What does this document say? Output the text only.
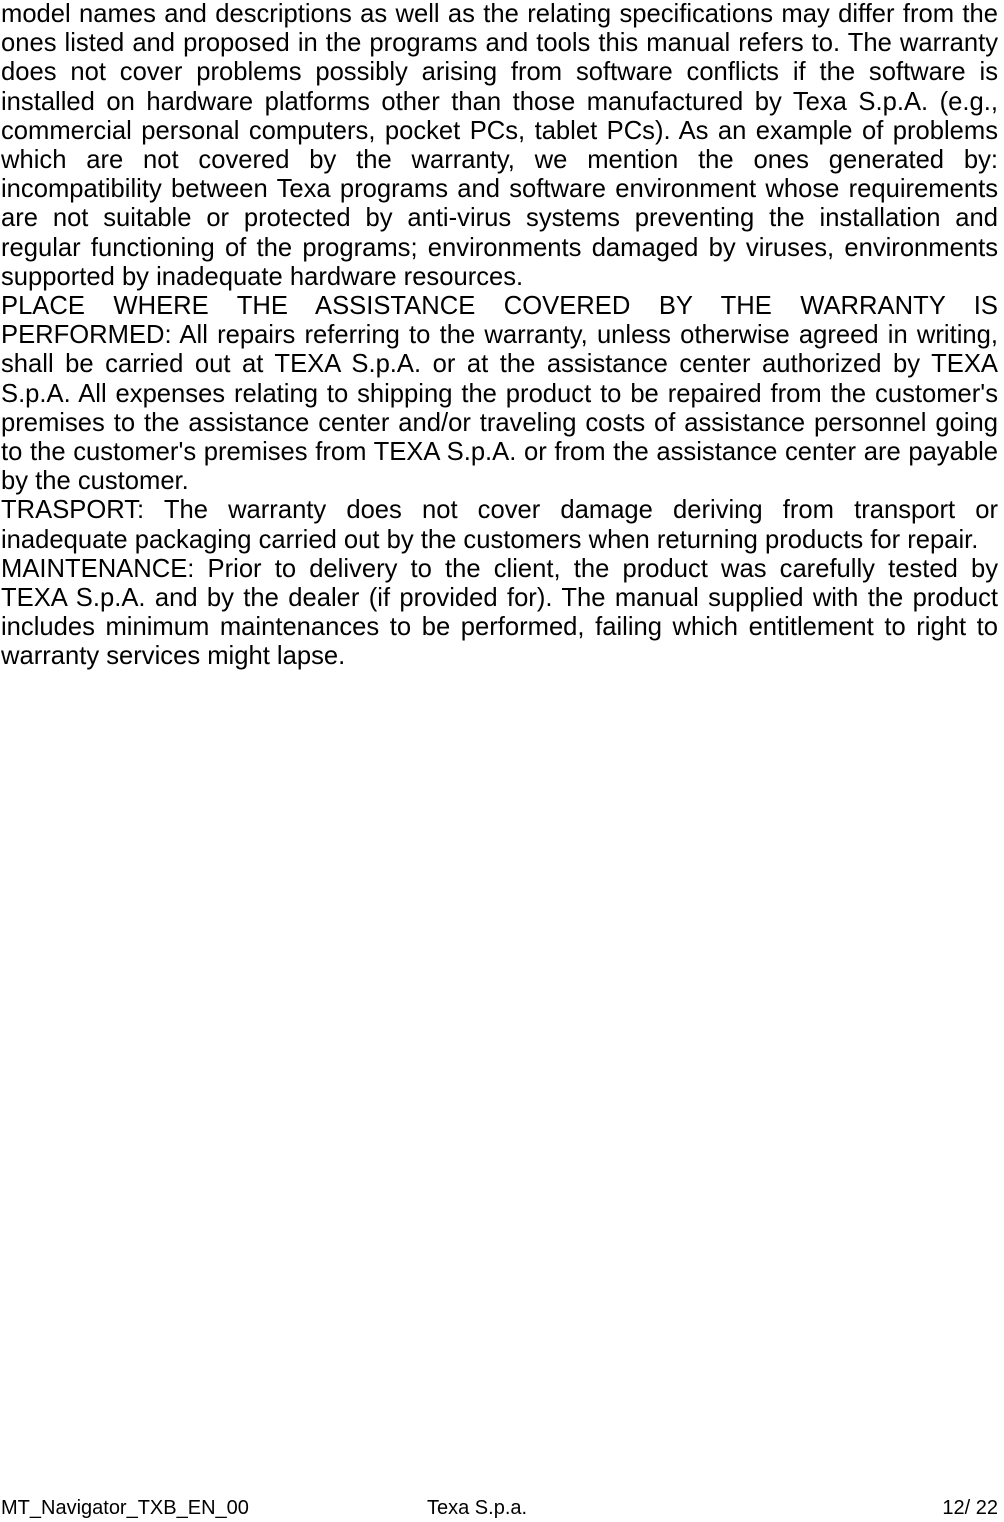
model names and descriptions as well as the relating specifications may differ from the ones listed and proposed in the programs and tools this manual refers to. The warranty does not cover problems possibly arising from software conflicts if the software is installed on hardware platforms other than those manufactured by Texa S.p.A. (e.g., commercial personal computers, pocket PCs, tablet PCs). As an example of problems which are not covered by the warranty, we mention the ones generated by: incompatibility between Texa programs and software environment whose requirements are not suitable or protected by anti-virus systems preventing the installation and regular functioning of the programs; environments damaged by viruses, environments supported by inadequate hardware resources.

PLACE WHERE THE ASSISTANCE COVERED BY THE WARRANTY IS PERFORMED: All repairs referring to the warranty, unless otherwise agreed in writing, shall be carried out at TEXA S.p.A. or at the assistance center authorized by TEXA S.p.A. All expenses relating to shipping the product to be repaired from the customer's premises to the assistance center and/or traveling costs of assistance personnel going to the customer's premises from TEXA S.p.A. or from the assistance center are payable by the customer.

TRASPORT: The warranty does not cover damage deriving from transport or inadequate packaging carried out by the customers when returning products for repair.

MAINTENANCE: Prior to delivery to the client, the product was carefully tested by TEXA S.p.A. and by the dealer (if provided for). The manual supplied with the product includes minimum maintenances to be performed, failing which entitlement to right to warranty services might lapse.

MT_Navigator_TXB_EN_00	Texa S.p.a.	12/ 22
